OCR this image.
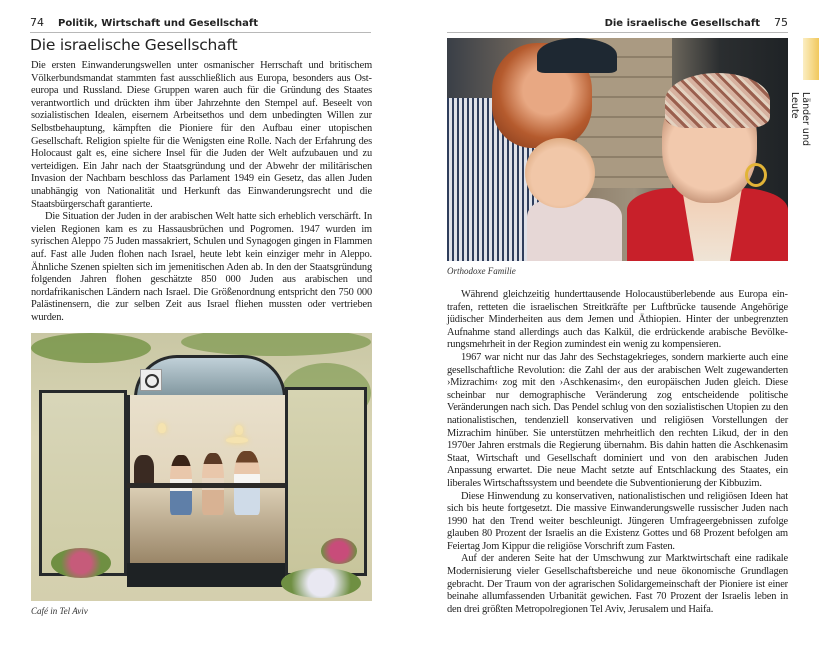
74 Politik, Wirtschaft und Gesellschaft
Die israelische Gesellschaft

Die ersten Einwanderungswellen unter osmanischer Herrschaft und britischem Völkerbundsmandat stammten fast ausschließlich aus Europa, besonders aus Osteuropa und Russland. Diese Gruppen waren auch für die Gründung des Staates verantwortlich und drückten ihm über Jahrzehnte den Stempel auf. Beseelt von sozialistischen Idealen, eisernem Arbeitsethos und dem unbedingten Willen zur Selbstbehauptung, kämpften die Pioniere für den Aufbau einer utopischen Gesellschaft. Religion spielte für die Wenigsten eine Rolle. Nach der Erfahrung des Holocaust galt es, eine sichere Insel für die Juden der Welt aufzubauen und zu verteidigen. Ein Jahr nach der Staatsgründung und der Abwehr der militärischen Invasion der Nachbarn beschloss das Parlament 1949 ein Gesetz, das allen Juden unabhängig von Nationalität und Herkunft das Einwanderungsrecht und die Staatsbürgerschaft garantierte.

Die Situation der Juden in der arabischen Welt hatte sich erheblich verschärft. In vielen Regionen kam es zu Hassausbrüchen und Pogromen. 1947 wurden im syrischen Aleppo 75 Juden massakriert, Schulen und Synagogen gingen in Flammen auf. Fast alle Juden flohen nach Israel, heute lebt kein einziger mehr in Aleppo. Ähnliche Szenen spielten sich im jemenitischen Aden ab. In den der Staatsgründung folgenden Jahren flohen geschätzte 850 000 Juden aus arabischen und nordafrikanischen Ländern nach Israel. Die Größenordnung entspricht den 750 000 Palästinensern, die zur selben Zeit aus Israel fliehen mussten oder vertrieben wurden.

Café in Tel Aviv
Die israelische Gesellschaft 75
Orthodoxe Familie

Während gleichzeitig hunderttausende Holocaustüberlebende aus Europa eintrafen, retteten die israelischen Streitkräfte per Luftbrücke tausende Angehörige jüdischer Minderheiten aus dem Jemen und Äthiopien. Hinter der unbegrenzten Aufnahme stand allerdings auch das Kalkül, die erdrückende arabische Bevölkerungsmehrheit in der Region zumindest ein wenig zu kompensieren.

1967 war nicht nur das Jahr des Sechstagekrieges, sondern markierte auch eine gesellschaftliche Revolution: die Zahl der aus der arabischen Welt zugewanderten ›Mizrachim‹ zog mit den ›Aschkenasim‹, den europäischen Juden gleich. Diese scheinbar nur demographische Veränderung zog entscheidende politische Veränderungen nach sich. Das Pendel schlug von den sozialistischen Utopien zu den nationalistischen, tendenziell konservativen und religiösen Vorstellungen der Mizrachim hinüber. Sie unterstützen mehrheitlich den rechten Likud, der in den 1970er Jahren erstmals die Regierung übernahm. Bis dahin hatten die Aschkenasim Staat, Wirtschaft und Gesellschaft dominiert und von den arabischen Juden Anpassung erwartet. Die neue Macht setzte auf Entschlackung des Staates, ein liberales Wirtschaftssystem und beendete die Subventionierung der Kibbuzim.

Diese Hinwendung zu konservativen, nationalistischen und religiösen Ideen hat sich bis heute fortgesetzt. Die massive Einwanderungswelle russischer Juden nach 1990 hat den Trend weiter beschleunigt. Jüngeren Umfrageergebnissen zufolge glauben 80 Prozent der Israelis an die Existenz Gottes und 68 Prozent befolgen am Feiertag Jom Kippur die religiöse Vorschrift zum Fasten.

Auf der anderen Seite hat der Umschwung zur Marktwirtschaft eine radikale Modernisierung vieler Gesellschaftsbereiche und neue ökonomische Grundlagen gebracht. Der Traum von der agrarischen Solidargemeinschaft der Pioniere ist einer beinahe allumfassenden Urbanität gewichen. Fast 70 Prozent der Israelis leben in den drei größten Metropolregionen Tel Aviv, Jerusalem und Haifa.

Länder und Leute
